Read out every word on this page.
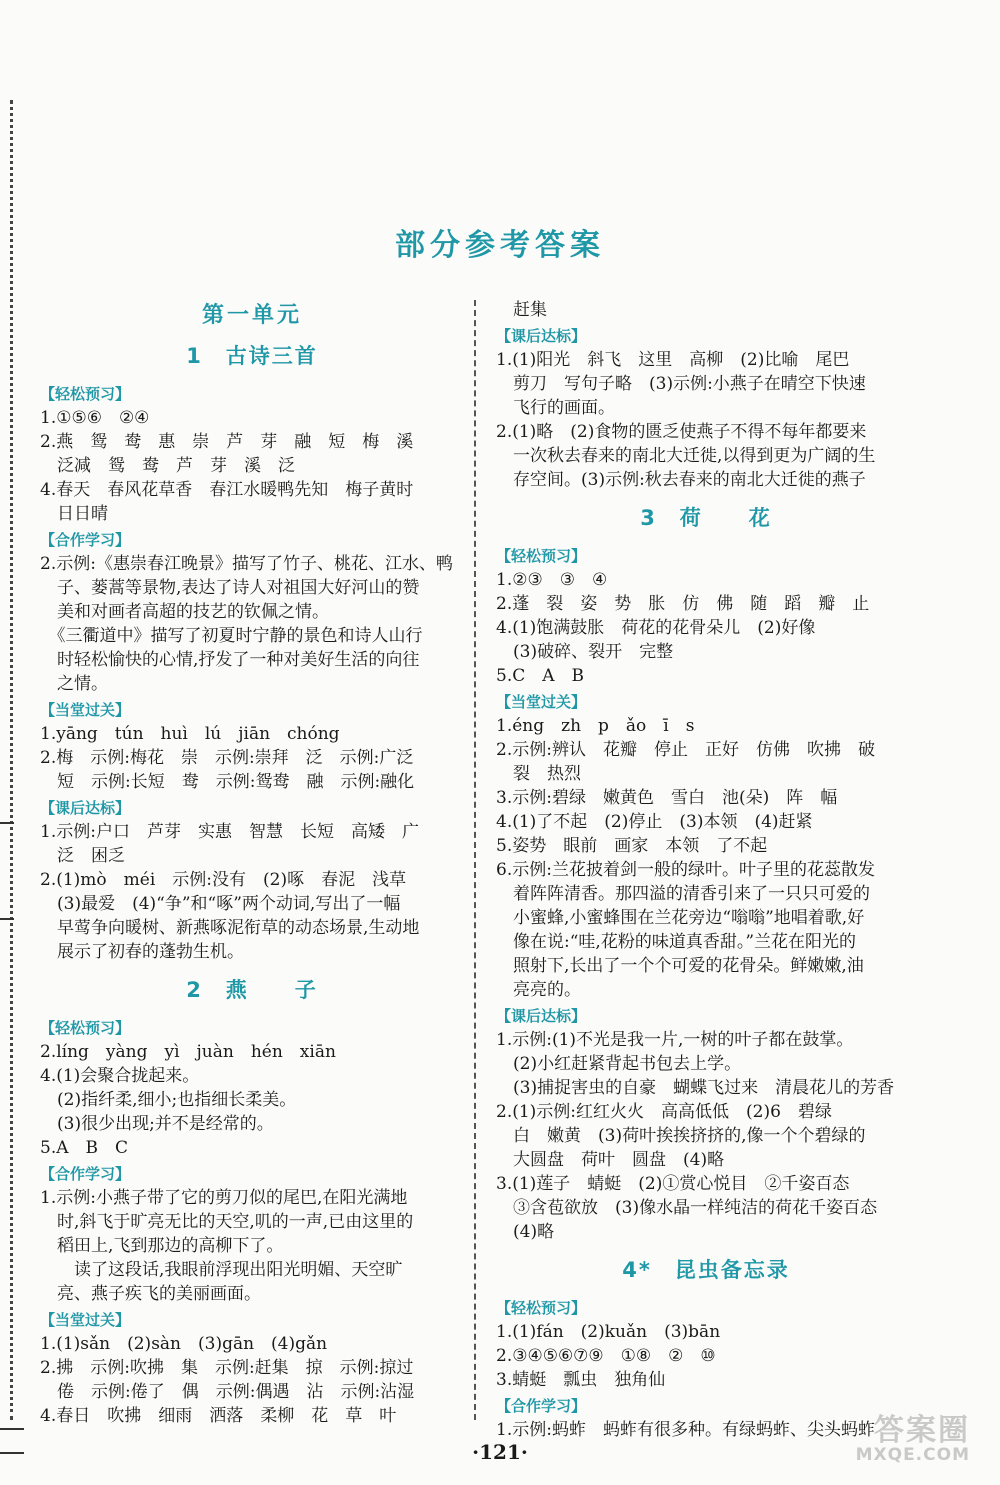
部分参考答案
第一单元
1　古诗三首
【轻松预习】
1.①⑤⑥　②④
2.燕　鸳　鸯　惠　崇　芦　芽　融　短　梅　溪
　泛减　鸳　鸯　芦　芽　溪　泛
4.春天　春风花草香　春江水暖鸭先知　梅子黄时
　日日晴
【合作学习】
2.示例:《惠崇春江晚景》描写了竹子、桃花、江水、鸭
　子、蒌蒿等景物,表达了诗人对祖国大好河山的赞
　美和对画者高超的技艺的钦佩之情。
　《三衢道中》描写了初夏时宁静的景色和诗人山行
　时轻松愉快的心情,抒发了一种对美好生活的向往
　之情。
【当堂过关】
1.yāng　tún　huì　lú　jiān　chóng
2.梅　示例:梅花　崇　示例:崇拜　泛　示例:广泛
　短　示例:长短　鸯　示例:鸳鸯　融　示例:融化
【课后达标】
1.示例:户口　芦芽　实惠　智慧　长短　高矮　广
　泛　困乏
2.(1)mò　méi　示例:没有　(2)啄　春泥　浅草
　(3)最爱　(4)“争”和“啄”两个动词,写出了一幅
　早莺争向暖树、新燕啄泥衔草的动态场景,生动地
　展示了初春的蓬勃生机。
2　燕　　子
【轻松预习】
2.líng　yàng　yì　juàn　hén　xiān
4.(1)会聚合拢起来。
　(2)指纤柔,细小;也指细长柔美。
　(3)很少出现;并不是经常的。
5.A　B　C
【合作学习】
1.示例:小燕子带了它的剪刀似的尾巴,在阳光满地
　时,斜飞于旷亮无比的天空,叽的一声,已由这里的
　稻田上,飞到那边的高柳下了。
　　读了这段话,我眼前浮现出阳光明媚、天空旷
　亮、燕子疾飞的美丽画面。
【当堂过关】
1.(1)sǎn　(2)sàn　(3)gān　(4)gǎn
2.拂　示例:吹拂　集　示例:赶集　掠　示例:掠过
　倦　示例:倦了　偶　示例:偶遇　沾　示例:沾湿
4.春日　吹拂　细雨　洒落　柔柳　花　草　叶
　赶集
【课后达标】
1.(1)阳光　斜飞　这里　高柳　(2)比喻　尾巴
　剪刀　写句子略　(3)示例:小燕子在晴空下快速
　飞行的画面。
2.(1)略　(2)食物的匮乏使燕子不得不每年都要来
　一次秋去春来的南北大迁徙,以得到更为广阔的生
　存空间。(3)示例:秋去春来的南北大迁徙的燕子
3　荷　　花
【轻松预习】
1.②③　③　④
2.蓬　裂　姿　势　胀　仿　佛　随　蹈　瓣　止
4.(1)饱满鼓胀　荷花的花骨朵儿　(2)好像
　(3)破碎、裂开　完整
5.C　A　B
【当堂过关】
1.éng　zh　p　ǎo　ī　s
2.示例:辨认　花瓣　停止　正好　仿佛　吹拂　破
　裂　热烈
3.示例:碧绿　嫩黄色　雪白　池(朵)　阵　幅
4.(1)了不起　(2)停止　(3)本领　(4)赶紧
5.姿势　眼前　画家　本领　了不起
6.示例:兰花披着剑一般的绿叶。叶子里的花蕊散发
　着阵阵清香。那四溢的清香引来了一只只可爱的
　小蜜蜂,小蜜蜂围在兰花旁边“嗡嗡”地唱着歌,好
　像在说:“哇,花粉的味道真香甜。”兰花在阳光的
　照射下,长出了一个个可爱的花骨朵。鲜嫩嫩,油
　亮亮的。
【课后达标】
1.示例:(1)不光是我一片,一树的叶子都在鼓掌。
　(2)小红赶紧背起书包去上学。
　(3)捕捉害虫的自豪　蝴蝶飞过来　清晨花儿的芳香
2.(1)示例:红红火火　高高低低　(2)6　碧绿
　白　嫩黄　(3)荷叶挨挨挤挤的,像一个个碧绿的
　大圆盘　荷叶　圆盘　(4)略
3.(1)莲子　蜻蜓　(2)①赏心悦目　②千姿百态
　③含苞欲放　(3)像水晶一样纯洁的荷花千姿百态
　(4)略
4*　昆虫备忘录
【轻松预习】
1.(1)fán　(2)kuǎn　(3)bān
2.③④⑤⑥⑦⑨　①⑧　②　⑩
3.蜻蜓　瓢虫　独角仙
【合作学习】
1.示例:蚂蚱　蚂蚱有很多种。有绿蚂蚱、尖头蚂蚱
·121·
答案圈
MXQE.COM
